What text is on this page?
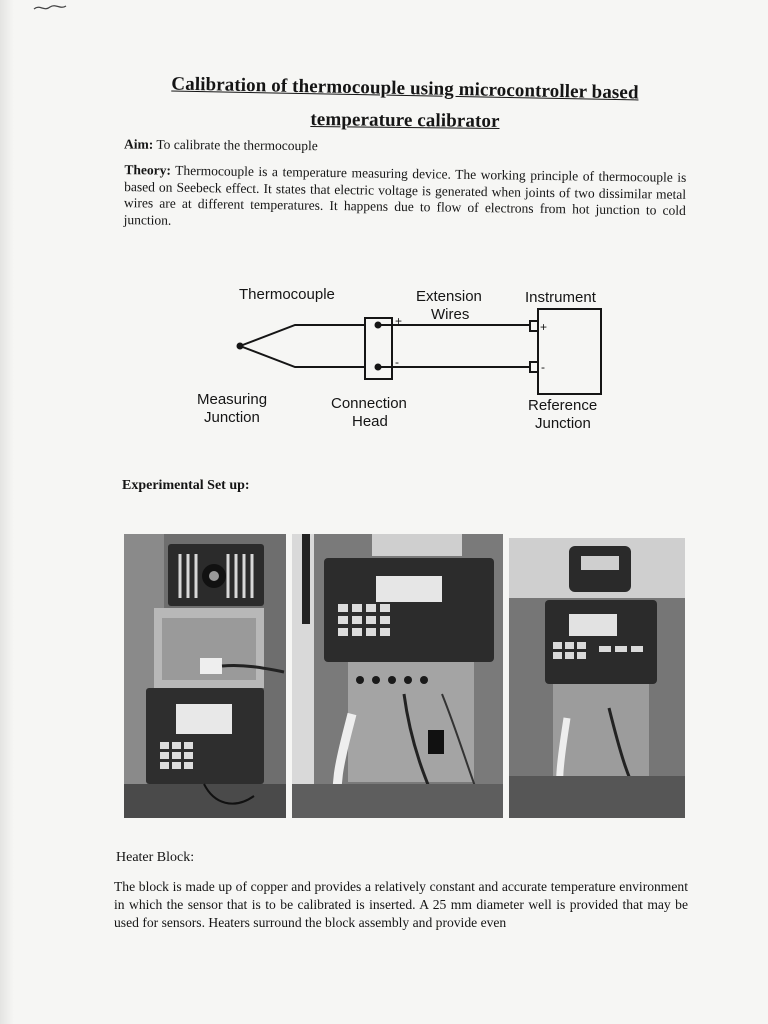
Calibration of thermocouple using microcontroller based
temperature calibrator
Aim: To calibrate the thermocouple
Theory: Thermocouple is a temperature measuring device. The working principle of thermocouple is based on Seebeck effect. It states that electric voltage is generated when joints of two dissimilar metal wires are at different temperatures. It happens due to flow of electrons from hot junction to cold junction.
Thermocouple	Extension
Wires
Instrument
+
-
+
-
Measuring
Junction
Connection
Head
Reference
Junction
Experimental Set up:
Heater Block:
The block is made up of copper and provides a relatively constant and accurate temperature environment in which the sensor that is to be calibrated is inserted. A 25 mm diameter well is provided that may be used for sensors. Heaters surround the block assembly and provide even
